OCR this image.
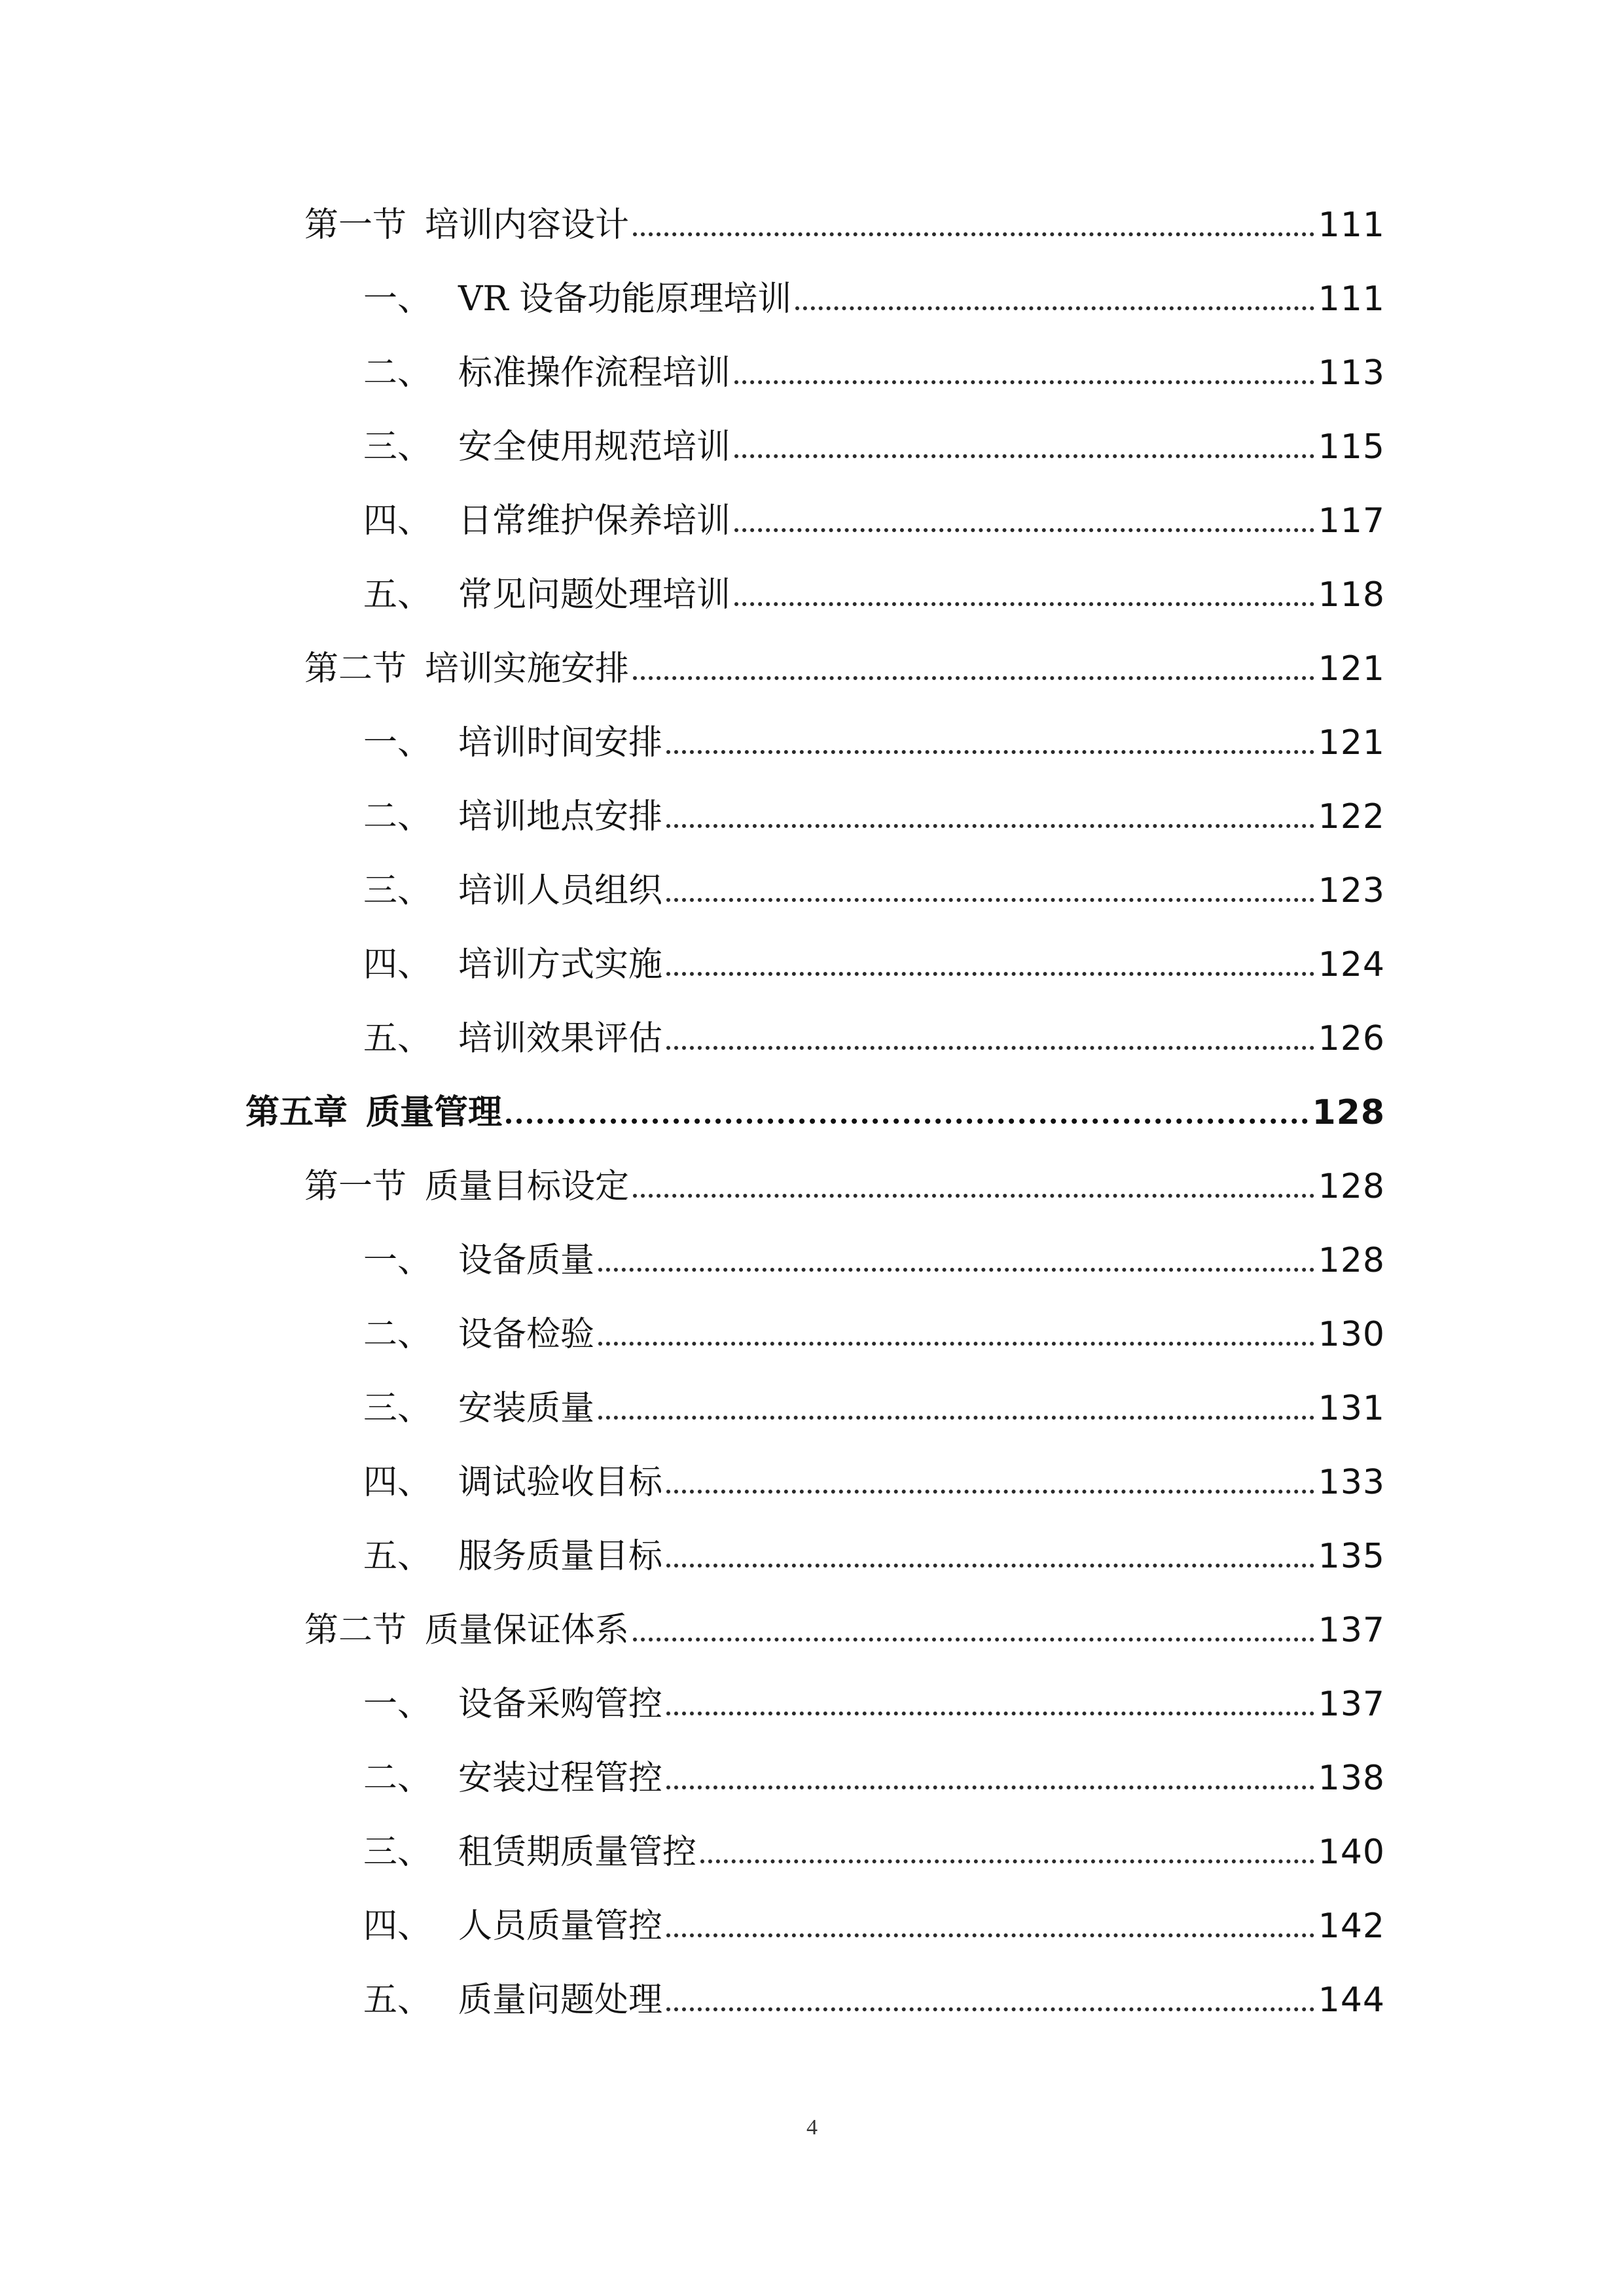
第一节 培训内容设计	111
一、 VR 设备功能原理培训	111
二、 标准操作流程培训	113
三、 安全使用规范培训	115
四、 日常维护保养培训	117
五、 常见问题处理培训	118
第二节 培训实施安排	121
一、 培训时间安排	121
二、 培训地点安排	122
三、 培训人员组织	123
四、 培训方式实施	124
五、 培训效果评估	126
第五章 质量管理	128
第一节 质量目标设定	128
一、 设备质量	128
二、 设备检验	130
三、 安装质量	131
四、 调试验收目标	133
五、 服务质量目标	135
第二节 质量保证体系	137
一、 设备采购管控	137
二、 安装过程管控	138
三、 租赁期质量管控	140
四、 人员质量管控	142
五、 质量问题处理	144
4
